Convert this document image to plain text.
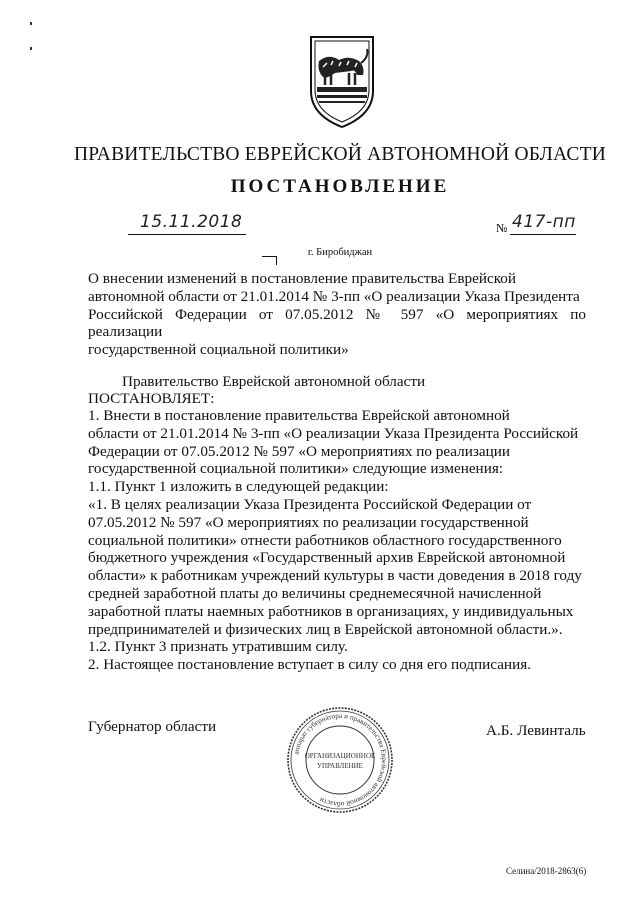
ПРАВИТЕЛЬСТВО ЕВРЕЙСКОЙ АВТОНОМНОЙ ОБЛАСТИ
ПОСТАНОВЛЕНИЕ
15.11.2018	№ 417-пп
г. Биробиджан
О внесении изменений в постановление правительства Еврейской
автономной области от 21.01.2014 № 3-пп «О реализации Указа Президента
Российской Федерации от 07.05.2012 № 597 «О мероприятиях по реализации
государственной социальной политики»
Правительство Еврейской автономной области
ПОСТАНОВЛЯЕТ:
1. Внести в постановление правительства Еврейской автономной
области от 21.01.2014 № 3-пп «О реализации Указа Президента Российской
Федерации от 07.05.2012 № 597 «О мероприятиях по реализации
государственной социальной политики» следующие изменения:
1.1. Пункт 1 изложить в следующей редакции:
«1. В целях реализации Указа Президента Российской Федерации от
07.05.2012 № 597 «О мероприятиях по реализации государственной
социальной политики» отнести работников областного государственного
бюджетного учреждения «Государственный архив Еврейской автономной
области» к работникам учреждений культуры в части доведения в 2018 году
средней заработной платы до величины среднемесячной начисленной
заработной платы наемных работников в организациях, у индивидуальных
предпринимателей и физических лиц в Еврейской автономной области.».
1.2. Пункт 3 признать утратившим силу.
2. Настоящее постановление вступает в силу со дня его подписания.
Губернатор области	А.Б. Левинталь
аппарат губернатора и правительства Еврейской автономной области
ОРГАНИЗАЦИОННОЕ
УПРАВЛЕНИЕ
Селина/2018-2863(6)
